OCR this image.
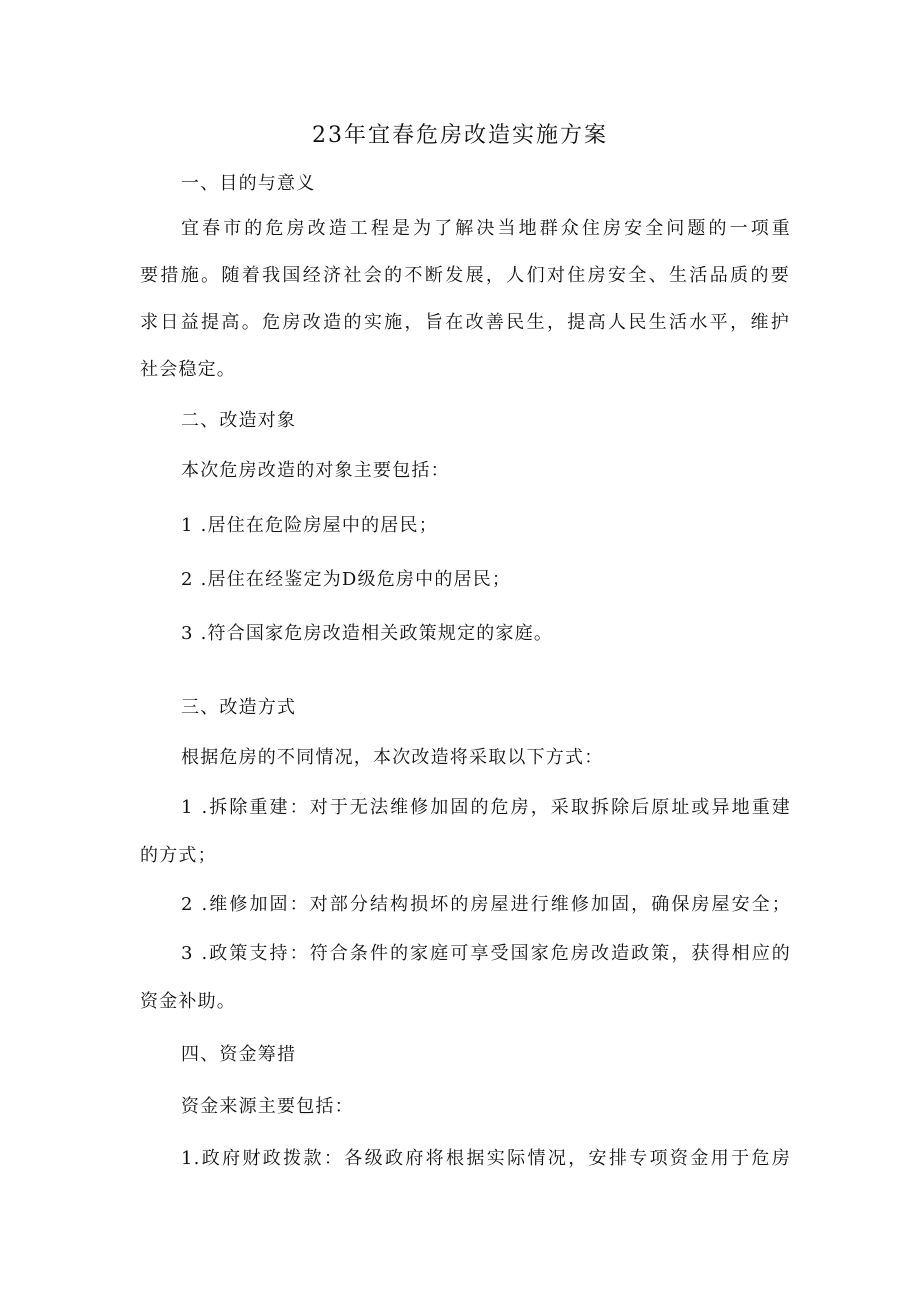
23年宜春危房改造实施方案
一、目的与意义
宜春市的危房改造工程是为了解决当地群众住房安全问题的一项重
要措施。随着我国经济社会的不断发展，人们对住房安全、生活品质的要
求日益提高。危房改造的实施，旨在改善民生，提高人民生活水平，维护
社会稳定。
二、改造对象
本次危房改造的对象主要包括：
1 .居住在危险房屋中的居民；
2 .居住在经鉴定为D级危房中的居民；
3 .符合国家危房改造相关政策规定的家庭。
三、改造方式
根据危房的不同情况，本次改造将采取以下方式：
1 .拆除重建：对于无法维修加固的危房，采取拆除后原址或异地重建
的方式；
2 .维修加固：对部分结构损坏的房屋进行维修加固，确保房屋安全；
3 .政策支持：符合条件的家庭可享受国家危房改造政策，获得相应的
资金补助。
四、资金筹措
资金来源主要包括：
1.政府财政拨款：各级政府将根据实际情况，安排专项资金用于危房
